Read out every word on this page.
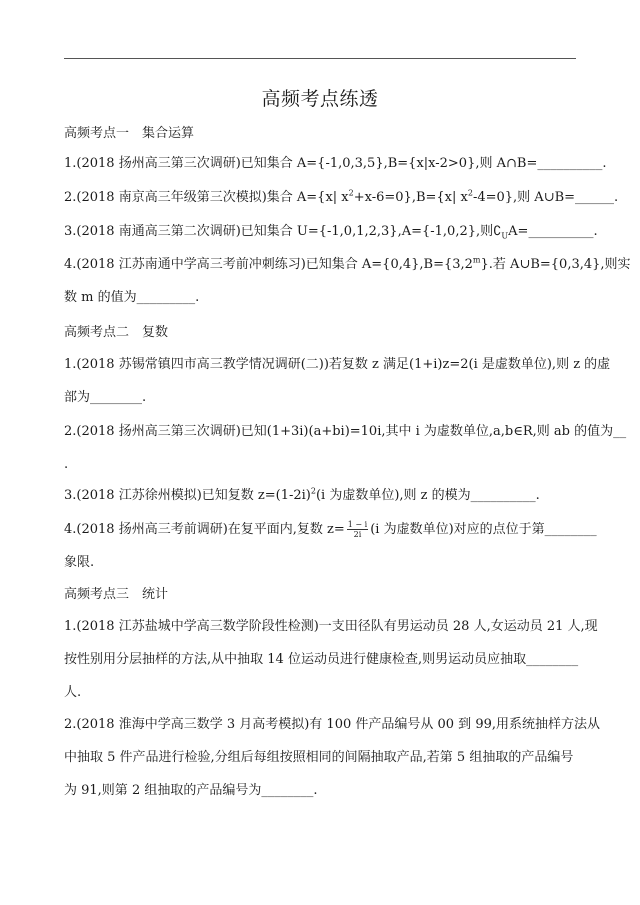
高频考点练透
高频考点一　集合运算
1.(2018 扬州高三第三次调研)已知集合 A={-1,0,3,5},B={x|x-2>0},则 A∩B=__________.
2.(2018 南京高三年级第三次模拟)集合 A={x| $x^2+x-6=0\},B=\{x|$ $x^2-4=0$},则 A∪B=______.
3.(2018 南通高三第二次调研)已知集合 U={-1,0,1,2,3},A={-1,0,2},则$∁_UA=\_\_\_\_\_\_\_\_\_\_$.
4.(2018 江苏南通中学高三考前冲刺练习)已知集合 $A=\{0,4\},B=\{3,2^m\}$.若 A∪B={0,3,4},则实
数 m 的值为_________.
高频考点二　复数
1.(2018 苏锡常镇四市高三教学情况调研(二))若复数 z 满足(1+i)z=2(i 是虚数单位),则 z 的虚
部为________.
2.(2018 扬州高三第三次调研)已知(1+3i)(a+bi)=10i,其中 i 为虚数单位,a,b∈R,则 ab 的值为__
.
3.(2018 江苏徐州模拟)已知复数 $z=(1-2i)^2(i$ 为虚数单位),则 z 的模为__________.
4.(2018 扬州高三考前调研)在复平面内,复数 $z= \frac{1 - i}{2i} (i$ 为虚数单位)对应的点位于第________
象限.
高频考点三　统计
1.(2018 江苏盐城中学高三数学阶段性检测)一支田径队有男运动员 28 人,女运动员 21 人,现
按性别用分层抽样的方法,从中抽取 14 位运动员进行健康检查,则男运动员应抽取________
人.
2.(2018 淮海中学高三数学 3 月高考模拟)有 100 件产品编号从 00 到 99,用系统抽样方法从
中抽取 5 件产品进行检验,分组后每组按照相同的间隔抽取产品,若第 5 组抽取的产品编号
为 91,则第 2 组抽取的产品编号为________.
